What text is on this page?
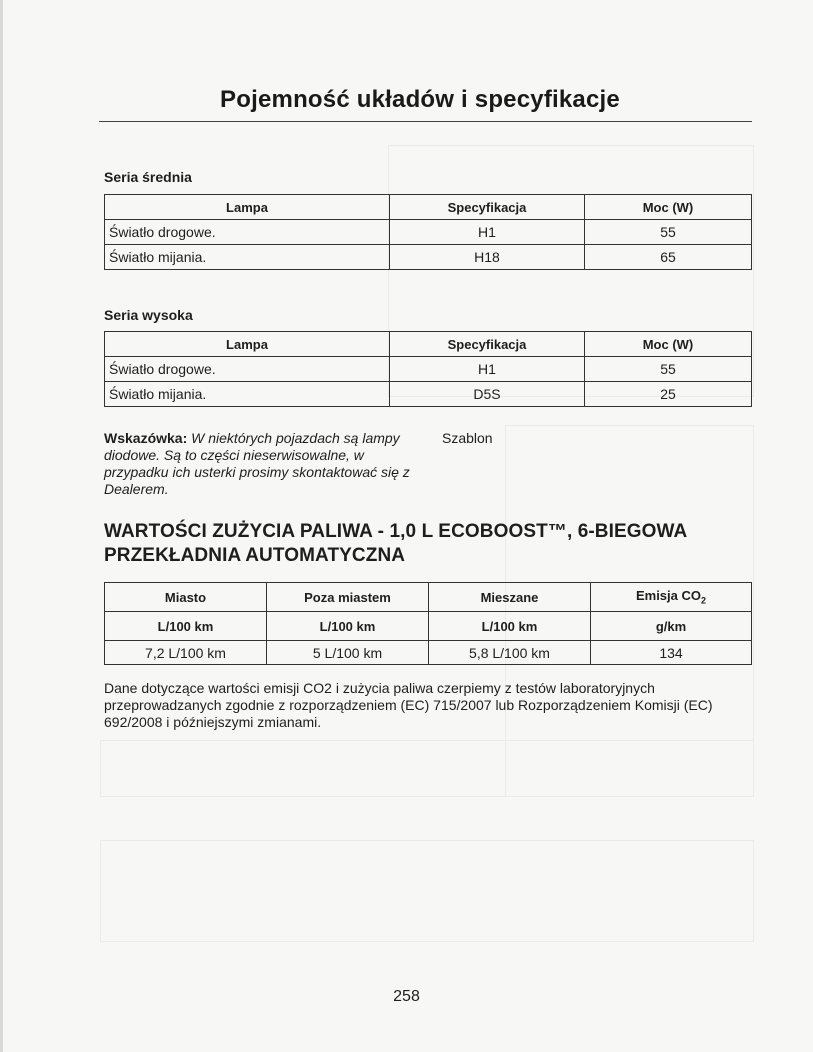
Pojemność układów i specyfikacje
Seria średnia
Lampa	Specyfikacja	Moc (W)
Światło drogowe.	H1	55
Światło mijania.	H18	65
Seria wysoka
Lampa	Specyfikacja	Moc (W)
Światło drogowe.	H1	55
Światło mijania.	D5S	25
Wskazówka: W niektórych pojazdach są lampy diodowe. Są to części nieserwisowalne, w przypadku ich usterki prosimy skontaktować się z Dealerem.
Szablon
WARTOŚCI ZUŻYCIA PALIWA - 1,0 L ECOBOOST™, 6-BIEGOWA PRZEKŁADNIA AUTOMATYCZNA
Miasto	Poza miastem	Mieszane	Emisja $CO_2$
L/100 km	L/100 km	L/100 km	g/km
7,2 L/100 km	5 L/100 km	5,8 L/100 km	134
Dane dotyczące wartości emisji CO2 i zużycia paliwa czerpiemy z testów laboratoryjnych przeprowadzanych zgodnie z rozporządzeniem (EC) 715/2007 lub Rozporządzeniem Komisji (EC) 692/2008 i późniejszymi zmianami.
258
